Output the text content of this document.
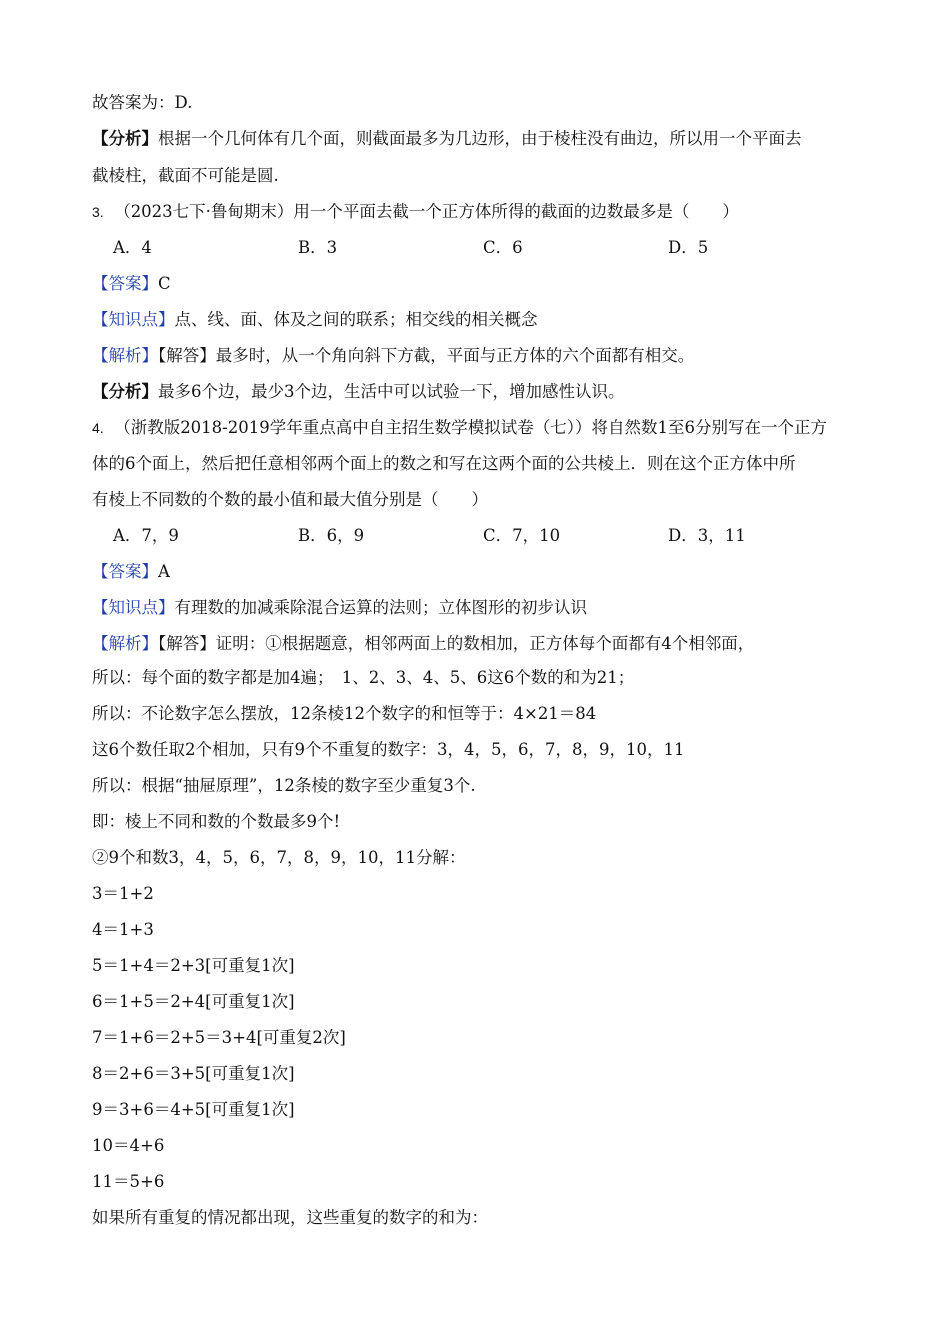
故答案为：D.
【分析】根据一个几何体有几个面，则截面最多为几边形，由于棱柱没有曲边，所以用一个平面去
截棱柱，截面不可能是圆.
3. （2023七下·鲁甸期末）用一个平面去截一个正方体所得的截面的边数最多是（　　）
A．4	B．3	C．6	D．5
【答案】C
【知识点】点、线、面、体及之间的联系；相交线的相关概念
【解析】【解答】最多时，从一个角向斜下方截，平面与正方体的六个面都有相交。
【分析】最多6个边，最少3个边，生活中可以试验一下，增加感性认识。
4. （浙教版2018-2019学年重点高中自主招生数学模拟试卷（七））将自然数1至6分别写在一个正方
体的6个面上，然后把任意相邻两个面上的数之和写在这两个面的公共棱上．则在这个正方体中所
有棱上不同数的个数的最小值和最大值分别是（　　）
A．7，9	B．6，9	C．7，10	D．3，11
【答案】A
【知识点】有理数的加减乘除混合运算的法则；立体图形的初步认识
【解析】【解答】证明：①根据题意，相邻两面上的数相加，正方体每个面都有4个相邻面，
所以：每个面的数字都是加4遍；　1、2、3、4、5、6这6个数的和为21；
所以：不论数字怎么摆放，12条棱12个数字的和恒等于：4×21＝84
这6个数任取2个相加，只有9个不重复的数字：3，4，5，6，7，8，9，10，11
所以：根据“抽屉原理”，12条棱的数字至少重复3个.
即：棱上不同和数的个数最多9个!
②9个和数3，4，5，6，7，8，9，10，11分解：
3＝1+2
4＝1+3
5＝1+4＝2+3[可重复1次]
6＝1+5＝2+4[可重复1次]
7＝1+6＝2+5＝3+4[可重复2次]
8＝2+6＝3+5[可重复1次]
9＝3+6＝4+5[可重复1次]
10＝4+6
11＝5+6
如果所有重复的情况都出现，这些重复的数字的和为：
